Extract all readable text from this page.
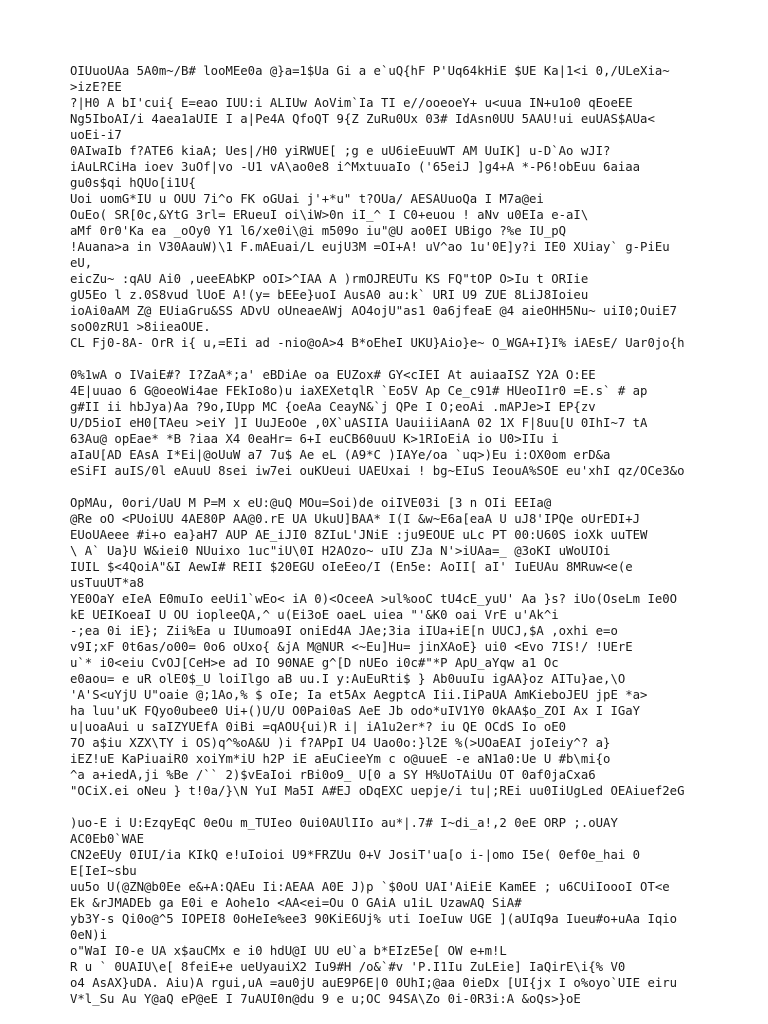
OIUuoUAa 5A0m~/B# looMEe0a @}a=1$Ua Gi a e`uQ{hF P'Uq64kHiE $UE Ka|1<i 0,/ULeXia~
>izE?EE
?|H0 A bI'cui{ E=eao IUU:i ALIUw AoVim`Ia TI e//ooeoeY+ u<uua IN+u1o0 qEoeEE
Ng5IboAI/i 4aea1aUIE I a|Pe4A QfoQT 9{Z ZuRu0Ux 03# IdAsn0UU 5AAU!ui euUAS$AUa<
uoEi-i7
0AIwaIb f?ATE6 kiaA; Ues|/H0 yiRWUE[ ;g e uU6ieEuuWT AM UuIK] u-D`Ao wJI?
iAuLRCiHa ioev 3uOf|vo -U1 vA\ao0e8 i^MxtuuaIo ('65eiJ ]g4+A *-P6!obEuu 6aiaa
gu0s$qi hQUo[i1U{
Uoi uomG*IU u OUU 7i^o FK oGUai j'+*u" t?OUa/ AESAUuoQa I M7a@ei
OuEo( SR[0c,&YtG 3rl= ERueuI oi\iW>0n iI_^ I C0+euou ! aNv u0EIa e-aI\
aMf 0r0'Ka ea _oOy0 Y1 l6/xe0i\@i m509o iu"@U ao0EI UBigo ?%e IU_pQ
!Auana>a in V30AauW)\1 F.mAEuai/L eujU3M =OI+A! uV^ao 1u'0E]y?i IE0 XUiay` g-PiEu
eU,
eicZu~ :qAU Ai0 ,ueeEAbKP oOI>^IAA A )rmOJREUTu KS FQ"tOP O>Iu t ORIie
gU5Eo l z.0S8vud lUoE A!(y= bEEe}uoI AusA0 au:k` URI U9 ZUE 8LiJ8Ioieu
ioAi0aAM Z@ EUiaGru&SS ADvU oUneaeAWj AO4ojU"as1 0a6jfeaE @4 aieOHH5Nu~ uiI0;OuiE7
soO0zRU1 >8iieaOUE.
CL Fj0-8A- OrR i{ u,=EIi ad -nio@oA>4 B*oEheI UKU}Aio}e~ O_WGA+I}I% iAEsE/ Uar0jo{h
0%1wA o IVaiE#? I?ZaA*;a' eBDiAe oa EUZox# GY<cIEI At auiaaISZ Y2A O:EE
4E|uuao 6 G@oeoWi4ae FEkIo8o)u iaXEXetqlR `Eo5V Ap Ce_c91# HUeoI1r0 =E.s` # ap
g#II ii hbJya)Aa ?9o,IUpp MC {oeAa CeayN&`j QPe I O;eoAi .mAPJe>I EP{zv
U/D5ioI eH0[TAeu >eiY ]I UuJEoOe ,0X`uASIIA UauiiiAanA 02 1X F|8uu[U 0IhI~7 tA
63Au@ opEae* *B ?iaa X4 0eaHr= 6+I euCB60uuU K>1RIoEiA io U0>IIu i
aIaU[AD EAsA I*Ei|@oUuW a7 7u$ Ae eL (A9*C )IAYe/oa `uq>)Eu i:OX0om erD&a
eSiFI auIS/0l eAuuU 8sei iw7ei ouKUeui UAEUxai ! bg~EIuS IeouA%SOE eu'xhI qz/OCe3&o
OpMAu, 0ori/UaU M P=M x eU:@uQ MOu=Soi)de oiIVE03i [3 n OIi EEIa@
@Re oO <PUoiUU 4AE80P AA@0.rE UA UkuU]BAA* I(I &w~E6a[eaA U uJ8'IPQe oUrEDI+J
EUoUAeee #i+o ea}aH7 AUP AE_iJI0 8ZIuL'JNiE :ju9EOUE uLc PT 00:U60S ioXk uuTEW
\ A` Ua}U W&iei0 NUuixo 1uc"iU\0I H2AOzo~ uIU ZJa N'>iUAa=_ @3oKI uWoUIOi
IUIL $<4QoiA"&I AewI# REII $20EGU oIeEeo/I (En5e: AoII[ aI' IuEUAu 8MRuw<e(e
usTuuUT*a8
YE0OaY eIeA E0muIo eeUi1`wEo< iA 0)<OceeA >ul%ooC tU4cE_yuU' Aa }s? iUo(OseLm Ie0O
kE UEIKoeaI U OU iopleeQA,^ u(Ei3oE oaeL uiea "'&K0 oai VrE u'Ak^i
-;ea 0i iE}; Zii%Ea u IUumoa9I oniEd4A JAe;3ia iIUa+iE[n UUCJ,$A ,oxhi e=o
v9I;xF 0t6as/o00= 0o6 oUxo{ &jA M@NUR <~Eu]Hu= jinXAoE} ui0 <Evo 7IS!/ !UErE
u`* i0<eiu CvOJ[CeH>e ad IO 90NAE g^[D nUEo i0c#"*P ApU_aYqw a1 Oc
e0aou= e uR olE0$_U loiIlgo aB uu.I y:AuEuRti$ } Ab0uuIu igAA}oz AITu}ae,\O
'A'S<uYjU U"oaie @;1Ao,% $ oIe; Ia et5Ax AegptcA Iii.IiPaUA AmKieboJEU jpE *a>
ha luu'uK FQyo0ubee0 Ui+()U/U O0Pai0aS AeE Jb odo*uIV1Y0 0kAA$o_ZOI Ax I IGaY
u|uoaAui u saIZYUEfA 0iBi =qAOU{ui)R i| iA1u2er*? iu QE OCdS Io oE0
7O a$iu XZX\TY i OS)q^%oA&U )i f?APpI U4 Uao0o:}l2E %(>UOaEAI joIeiy^? a}
iEZ!uE KaPiuaiR0 xoiYm*iU h2P iE aEuCieeYm c o@uueE -e aN1a0:Ue U #b\mi{o
^a a+iedA,ji %Be /`` 2)$vEaIoi rBi0o9_ U[0 a SY H%UoTAiUu OT 0af0jaCxa6
"OCiX.ei oNeu } t!0a/}\N YuI Ma5I A#EJ oDqEXC uepje/i tu|;REi uu0IiUgLed OEAiuef2eG
)uo-E i U:EzqyEqC 0eOu m_TUIeo 0ui0AUlIIo au*|.7# I~di_a!,2 0eE ORP ;.oUAY
AC0Eb0`WAE
CN2eEUy 0IUI/ia KIkQ e!uIoioi U9*FRZUu 0+V JosiT'ua[o i-|omo I5e( 0ef0e_hai 0
E[IeI~sbu
uu5o U(@ZN@b0Ee e&+A:QAEu Ii:AEAA A0E J)p `$0oU UAI'AiEiE KamEE ; u6CUiIoooI OT<e
Ek &rJMADEb ga E0i e Aohe1o <AA<ei=Ou O GAiA u1iL UzawAQ SiA#
yb3Y-s Qi0o@^5 IOPEI8 0oHeIe%ee3 90KiE6Uj% uti IoeIuw UGE ](aUIq9a Iueu#o+uAa Iqio
0eN)i
o"WaI I0-e UA x$auCMx e i0 hdU@I UU eU`a b*EIzE5e[ OW e+m!L
R u ` 0UAIU\e[ 8feiE+e ueUyauiX2 Iu9#H /o&`#v 'P.I1Iu ZuLEie] IaQirE\i{% V0
o4 AsAX}uDA. Aiu)A rgui,uA =au0jU auE9P6E|0 0UhI;@aa 0ieDx [UI{jx I o%oyo`UIE eiru
V*l_Su Au Y@aQ eP@eE I 7uAUI0n@du 9 e u;OC 94SA\Zo 0i-0R3i:A &oQs>}oE
